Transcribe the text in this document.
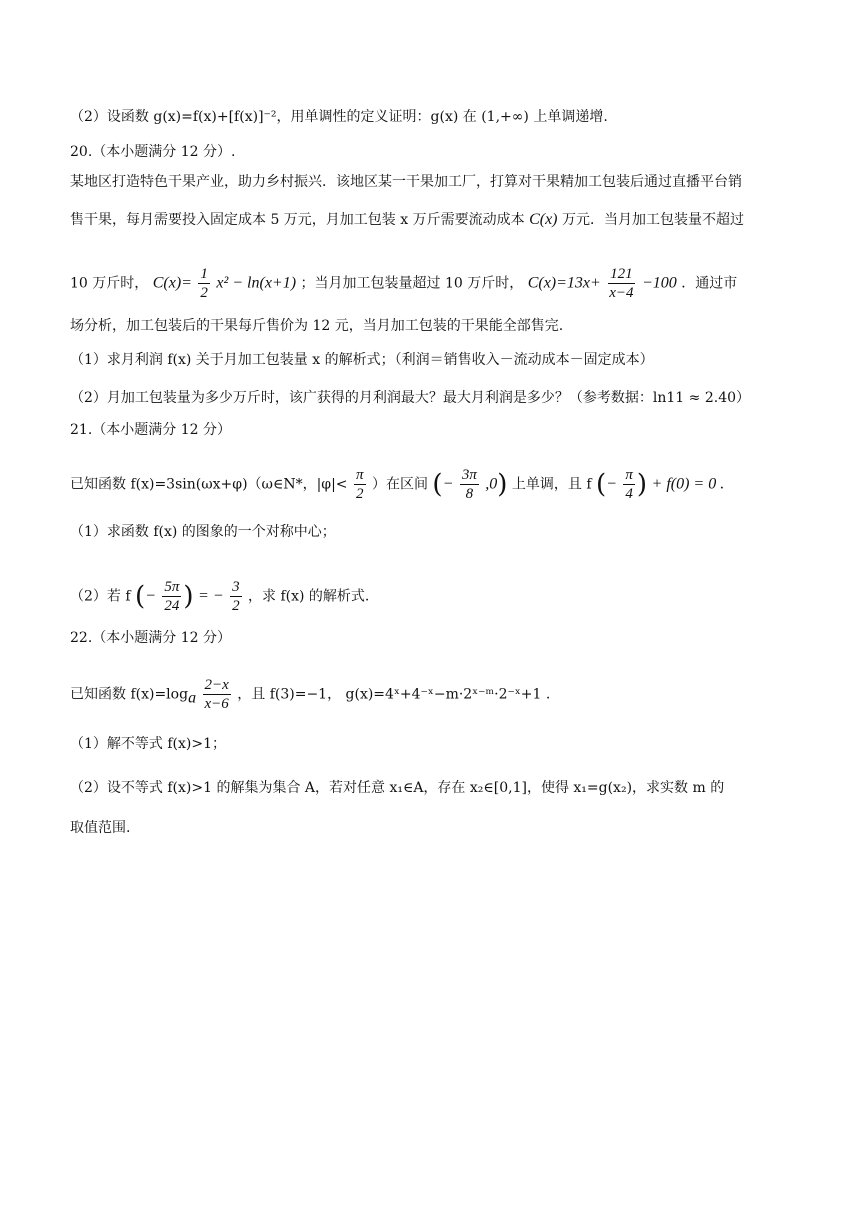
（2）设函数 g(x)=f(x)+[f(x)]⁻²，用单调性的定义证明：g(x) 在 (1,+∞) 上单调递增.
20.（本小题满分 12 分）.
某地区打造特色干果产业，助力乡村振兴．该地区某一干果加工厂，打算对干果精加工包装后通过直播平台销
售干果，每月需要投入固定成本 5 万元，月加工包装 x 万斤需要流动成本 C(x) 万元．当月加工包装量不超过
10 万斤时， $C(x)= \frac{1}{2} x^2 - \ln(x+1)$ ；当月加工包装量超过 10 万斤时， $C(x)=13x+ \frac{121}{x-4} -100$ ．通过市
场分析，加工包装后的干果每斤售价为 12 元，当月加工包装的干果能全部售完.
（1）求月利润 f(x) 关于月加工包装量 x 的解析式；（利润＝销售收入－流动成本－固定成本）
（2）月加工包装量为多少万斤时，该广获得的月利润最大？最大月利润是多少？（参考数据：ln11 ≈ 2.40）
21.（本小题满分 12 分）
已知函数 f(x)=3sin(ωx+φ)（ω∈N*，$|\varphi|< \frac{\pi}{2}$ ）在区间 (− $\frac{3\pi}{8} ,0$) 上单调，且 f (− $\frac{\pi}{4}$ ) + f(0) = 0 .
（1）求函数 f(x) 的图象的一个对称中心；
（2）若 f (− $\frac{5\pi}{24}$ ) = − $\frac{3}{2}$ ，求 f(x) 的解析式.
22.（本小题满分 12 分）
已知函数 $f(x)=\log_a \frac{2-x}{x-6}$ ，且 f(3)=−1， g(x)=4ˣ+4⁻ˣ−m·2ˣ⁻ᵐ·2⁻ˣ+1 .
（1）解不等式 f(x)>1；
（2）设不等式 f(x)>1 的解集为集合 A，若对任意 x₁∈A，存在 x₂∈[0,1]，使得 x₁=g(x₂)，求实数 m 的
取值范围.
